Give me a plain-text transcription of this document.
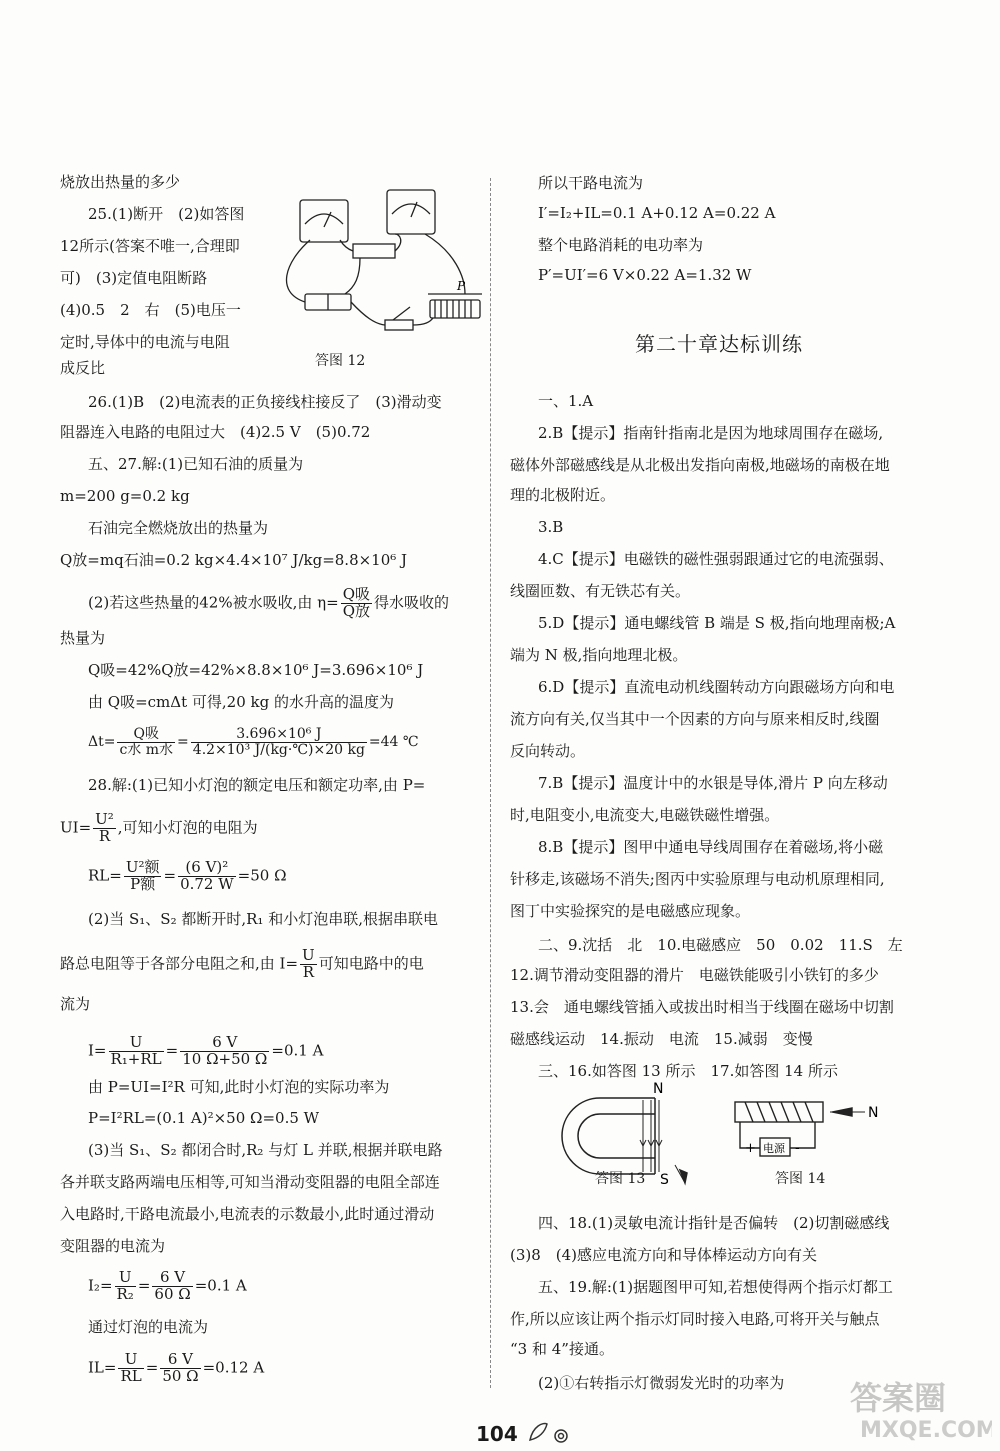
烧放出热量的多少
25.(1)断开　(2)如答图
12所示(答案不唯一,合理即
可)　(3)定值电阻断路
(4)0.5　2　右　(5)电压一
定时,导体中的电流与电阻
成反比
P
答图 12
26.(1)B　(2)电流表的正负接线柱接反了　(3)滑动变
阻器连入电路的电阻过大　(4)2.5 V　(5)0.72
五、27.解:(1)已知石油的质量为
m=200 g=0.2 kg
石油完全燃烧放出的热量为
Q放=mq石油=0.2 kg×4.4×10⁷ J/kg=8.8×10⁶ J
(2)若这些热量的42%被水吸收,由 $\eta= \frac{\text{Q吸}}{\text{Q放}}$ 得水吸收的
热量为
Q吸=42%Q放=42%×8.8×10⁶ J=3.696×10⁶ J
由 Q吸=cmΔt 可得,20 kg 的水升高的温度为
$\Delta t= \frac{\text{Q吸}}{\text{c水 m水}} = \frac{\text{3.696×10⁶ J}}{\text{4.2×10³ J/(kg·℃)×20 kg}} =44$ ℃
28.解:(1)已知小灯泡的额定电压和额定功率,由 P=
$UI= \frac{\text{U²}}{R}$ ,可知小灯泡的电阻为
$RL= \frac{\text{U²额}}{\text{P额}} = \frac{\text{(6 V)²}}{0.72 W} =50$ Ω
(2)当 S₁、S₂ 都断开时,R₁ 和小灯泡串联,根据串联电
路总电阻等于各部分电阻之和,由 $I= \frac{U}{R}$ 可知电路中的电
流为
$I= \frac{U}{\text{R₁+RL}} = \frac{6 V}{10 \Omega+50 \Omega} =0.1$ A
由 P=UI=I²R 可知,此时小灯泡的实际功率为
P=I²RL=(0.1 A)²×50 Ω=0.5 W
(3)当 S₁、S₂ 都闭合时,R₂ 与灯 L 并联,根据并联电路
各并联支路两端电压相等,可知当滑动变阻器的电阻全部连
入电路时,干路电流最小,电流表的示数最小,此时通过滑动
变阻器的电流为
$I_2= \frac{U}{\text{R₂}} = \frac{6 V}{60 \Omega} =0.1$ A
通过灯泡的电流为
$IL= \frac{U}{RL} = \frac{6 V}{50 \Omega} =0.12$ A
所以干路电流为
I′=I₂+IL=0.1 A+0.12 A=0.22 A
整个电路消耗的电功率为
P′=UI′=6 V×0.22 A=1.32 W
第二十章达标训练
一、1.A
2.B【提示】指南针指南北是因为地球周围存在磁场,
磁体外部磁感线是从北极出发指向南极,地磁场的南极在地
理的北极附近。
3.B
4.C【提示】电磁铁的磁性强弱跟通过它的电流强弱、
线圈匝数、有无铁芯有关。
5.D【提示】通电螺线管 B 端是 S 极,指向地理南极;A
端为 N 极,指向地理北极。
6.D【提示】直流电动机线圈转动方向跟磁场方向和电
流方向有关,仅当其中一个因素的方向与原来相反时,线圈
反向转动。
7.B【提示】温度计中的水银是导体,滑片 P 向左移动
时,电阻变小,电流变大,电磁铁磁性增强。
8.B【提示】图甲中通电导线周围存在着磁场,将小磁
针移走,该磁场不消失;图丙中实验原理与电动机原理相同,
图丁中实验探究的是电磁感应现象。
二、9.沈括　北　10.电磁感应　50　0.02　11.S　左
12.调节滑动变阻器的滑片　电磁铁能吸引小铁钉的多少
13.会　通电螺线管插入或拔出时相当于线圈在磁场中切割
磁感线运动　14.振动　电流　15.减弱　变慢
三、16.如答图 13 所示　17.如答图 14 所示
N
S
答图 13
N
+ 电源 -
答图 14
四、18.(1)灵敏电流计指针是否偏转　(2)切割磁感线
(3)8　(4)感应电流方向和导体棒运动方向有关
五、19.解:(1)据题图甲可知,若想使得两个指示灯都工
作,所以应该让两个指示灯同时接入电路,可将开关与触点
“3 和 4”接通。
(2)①右转指示灯微弱发光时的功率为
104
答案圈
MXQE.COM
